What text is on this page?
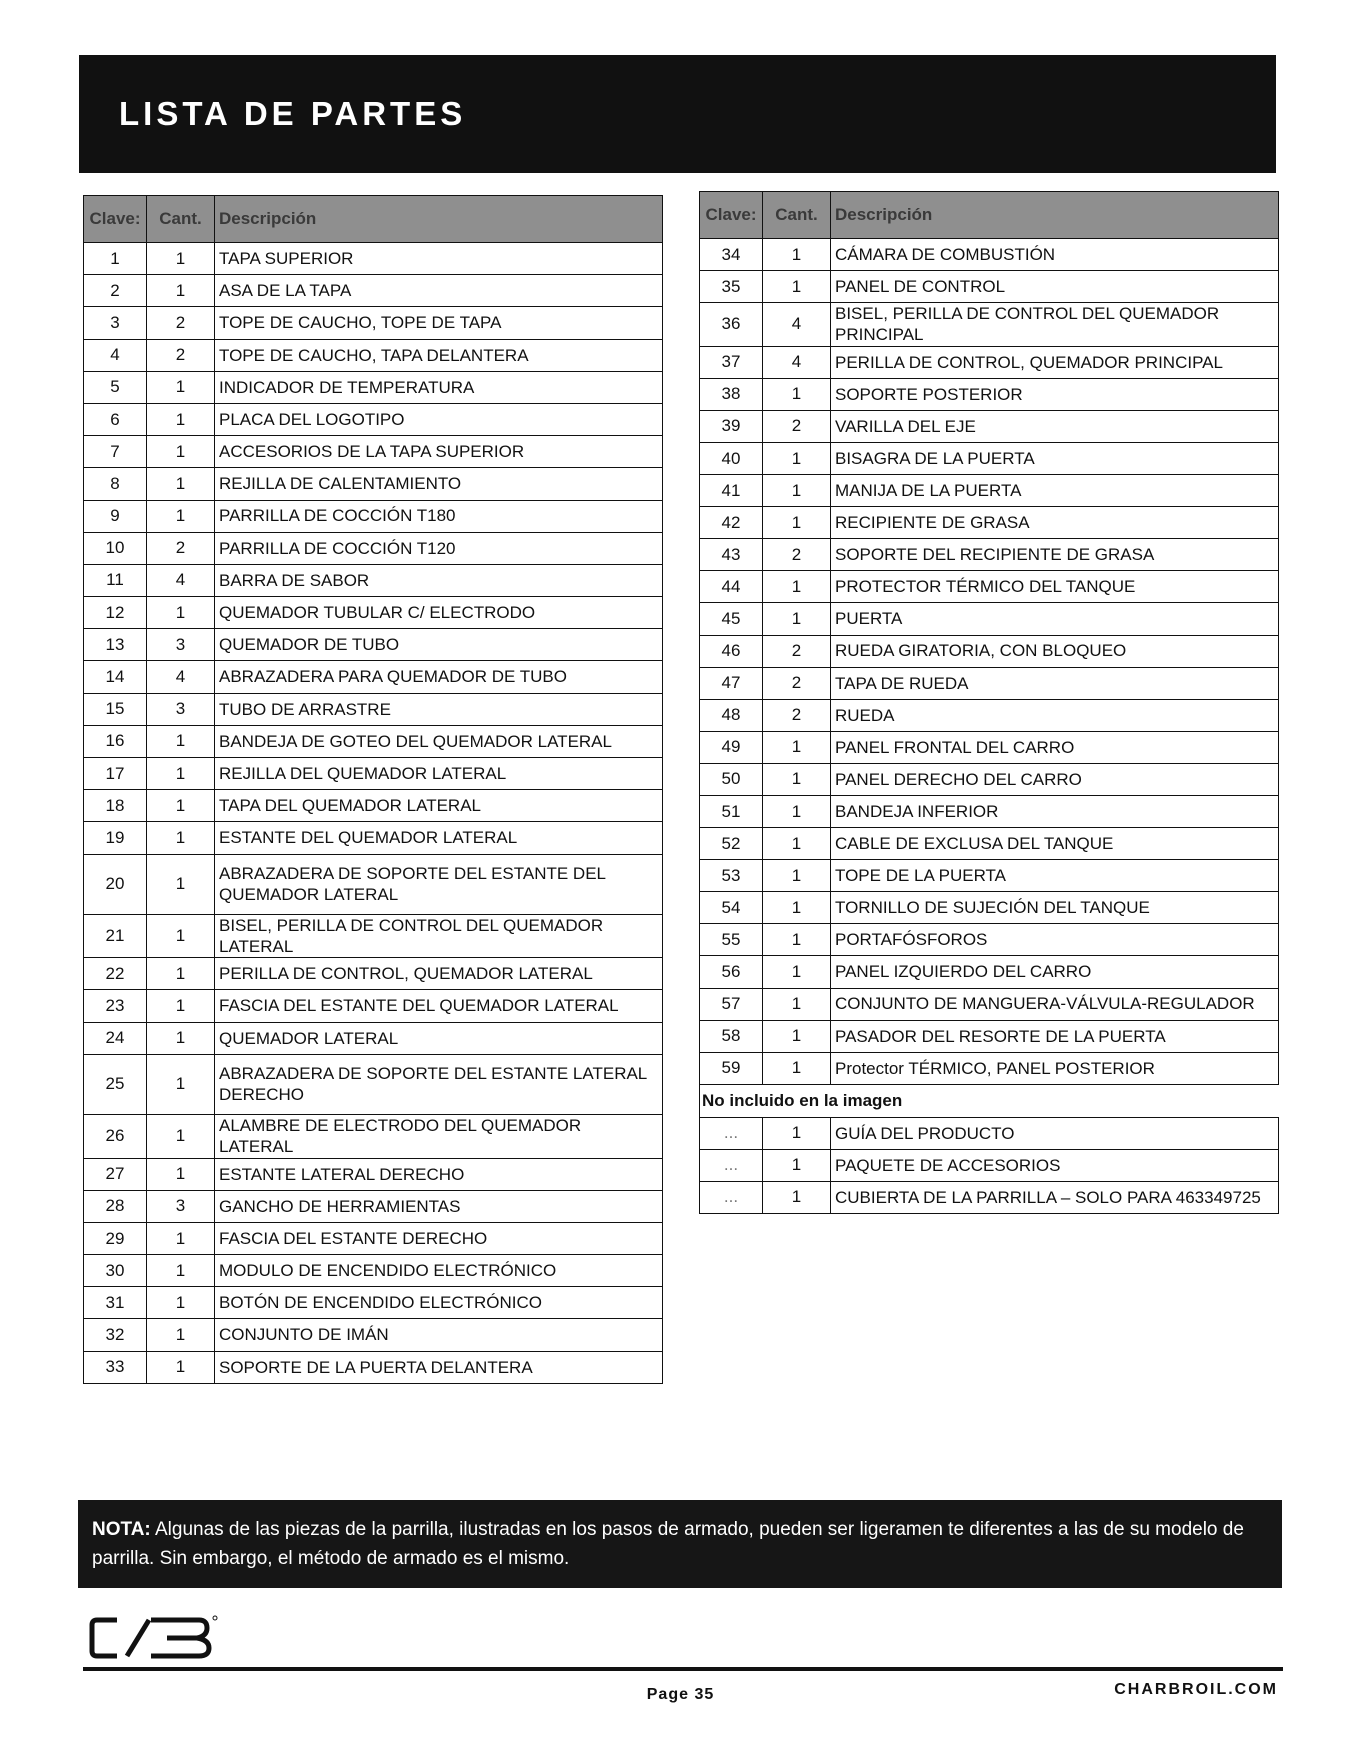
LISTA DE PARTES
Clave:	Cant.	Descripción
1	1	TAPA SUPERIOR
2	1	ASA DE LA TAPA
3	2	TOPE DE CAUCHO, TOPE DE TAPA
4	2	TOPE DE CAUCHO, TAPA DELANTERA
5	1	INDICADOR DE TEMPERATURA
6	1	PLACA DEL LOGOTIPO
7	1	ACCESORIOS DE LA TAPA SUPERIOR
8	1	REJILLA DE CALENTAMIENTO
9	1	PARRILLA DE COCCIÓN T180
10	2	PARRILLA DE COCCIÓN T120
11	4	BARRA DE SABOR
12	1	QUEMADOR TUBULAR C/ ELECTRODO
13	3	QUEMADOR DE TUBO
14	4	ABRAZADERA PARA QUEMADOR DE TUBO
15	3	TUBO DE ARRASTRE
16	1	BANDEJA DE GOTEO DEL QUEMADOR LATERAL
17	1	REJILLA DEL QUEMADOR LATERAL
18	1	TAPA DEL QUEMADOR LATERAL
19	1	ESTANTE DEL QUEMADOR LATERAL
20	1	ABRAZADERA DE SOPORTE DEL ESTANTE DEL QUEMADOR LATERAL
21	1	BISEL, PERILLA DE CONTROL DEL QUEMADOR LATERAL
22	1	PERILLA DE CONTROL, QUEMADOR LATERAL
23	1	FASCIA DEL ESTANTE DEL QUEMADOR LATERAL
24	1	QUEMADOR LATERAL
25	1	ABRAZADERA DE SOPORTE DEL ESTANTE LATERAL DERECHO
26	1	ALAMBRE DE ELECTRODO DEL QUEMADOR LATERAL
27	1	ESTANTE LATERAL DERECHO
28	3	GANCHO DE HERRAMIENTAS
29	1	FASCIA DEL ESTANTE DERECHO
30	1	MODULO DE ENCENDIDO ELECTRÓNICO
31	1	BOTÓN DE ENCENDIDO ELECTRÓNICO
32	1	CONJUNTO DE IMÁN
33	1	SOPORTE DE LA PUERTA DELANTERA
Clave:	Cant.	Descripción
34	1	CÁMARA DE COMBUSTIÓN
35	1	PANEL DE CONTROL
36	4	BISEL, PERILLA DE CONTROL DEL QUEMADOR PRINCIPAL
37	4	PERILLA DE CONTROL, QUEMADOR PRINCIPAL
38	1	SOPORTE POSTERIOR
39	2	VARILLA DEL EJE
40	1	BISAGRA DE LA PUERTA
41	1	MANIJA DE LA PUERTA
42	1	RECIPIENTE DE GRASA
43	2	SOPORTE DEL RECIPIENTE DE GRASA
44	1	PROTECTOR TÉRMICO DEL TANQUE
45	1	PUERTA
46	2	RUEDA GIRATORIA, CON BLOQUEO
47	2	TAPA DE RUEDA
48	2	RUEDA
49	1	PANEL FRONTAL DEL CARRO
50	1	PANEL DERECHO DEL CARRO
51	1	BANDEJA INFERIOR
52	1	CABLE DE EXCLUSA DEL TANQUE
53	1	TOPE DE LA PUERTA
54	1	TORNILLO DE SUJECIÓN DEL TANQUE
55	1	PORTAFÓSFOROS
56	1	PANEL IZQUIERDO DEL CARRO
57	1	CONJUNTO DE MANGUERA-VÁLVULA-REGULADOR
58	1	PASADOR DEL RESORTE DE LA PUERTA
59	1	Protector TÉRMICO, PANEL POSTERIOR
No incluido en la imagen		
...	1	GUÍA DEL PRODUCTO
...	1	PAQUETE DE ACCESORIOS
...	1	CUBIERTA DE LA PARRILLA – SOLO PARA 463349725
NOTA: Algunas de las piezas de la parrilla, ilustradas en los pasos de armado, pueden ser ligeramen te diferentes a las de su modelo de parrilla. Sin embargo, el método de armado es el mismo.
Page 35	CHARBROIL.COM
